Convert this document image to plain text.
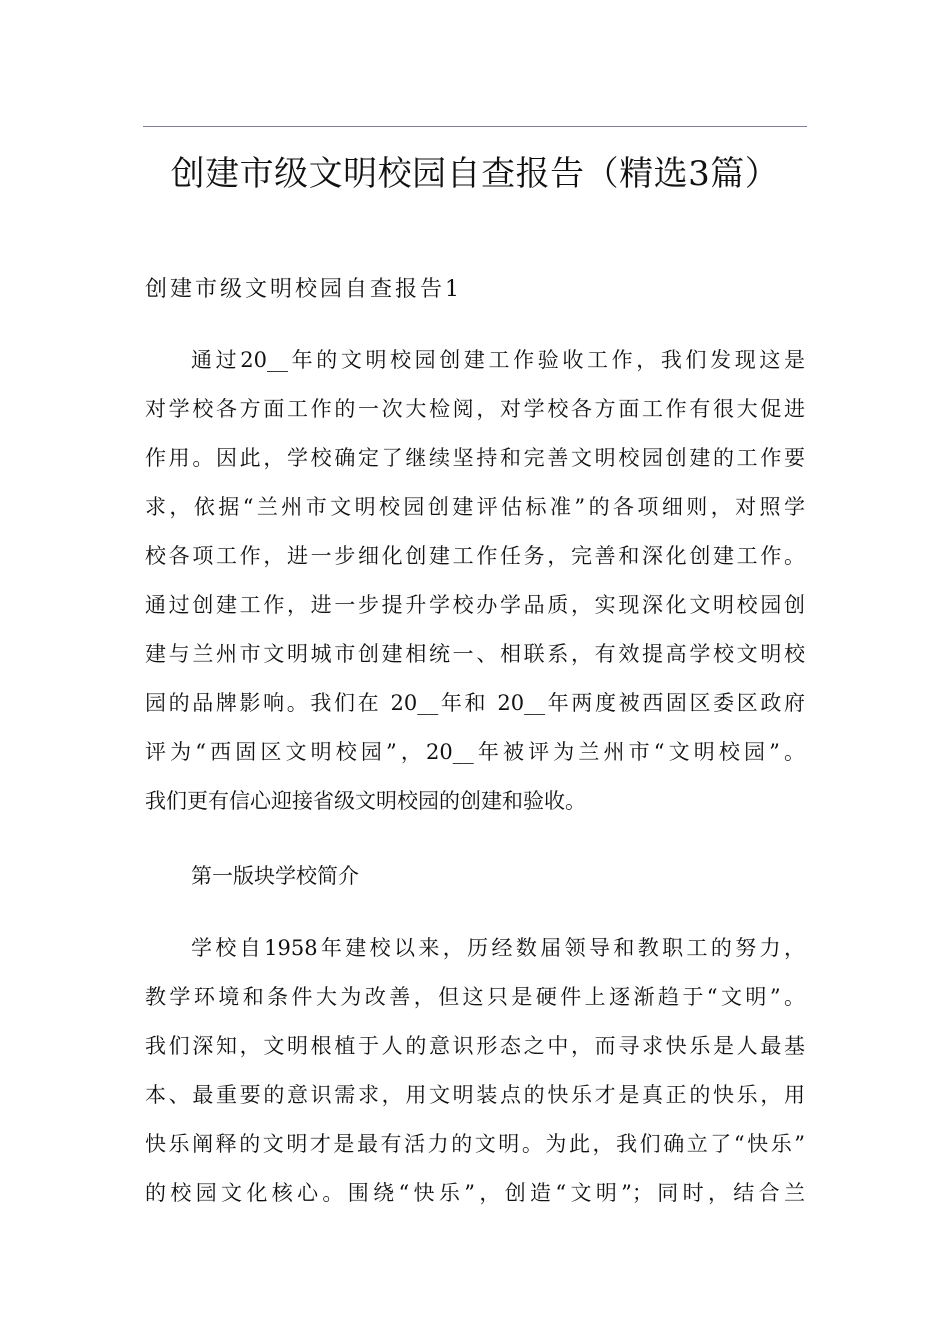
创建市级文明校园自查报告（精选3篇）
创建市级文明校园自查报告1
通过20__年的文明校园创建工作验收工作，我们发现这是
对学校各方面工作的一次大检阅，对学校各方面工作有很大促进
作用。因此，学校确定了继续坚持和完善文明校园创建的工作要
求，依据“兰州市文明校园创建评估标准”的各项细则，对照学
校各项工作，进一步细化创建工作任务，完善和深化创建工作。
通过创建工作，进一步提升学校办学品质，实现深化文明校园创
建与兰州市文明城市创建相统一、相联系，有效提高学校文明校
园的品牌影响。我们在 20__年和 20__年两度被西固区委区政府
评为“西固区文明校园”，20__年被评为兰州市“文明校园”。
我们更有信心迎接省级文明校园的创建和验收。
第一版块学校简介
学校自1958年建校以来，历经数届领导和教职工的努力，
教学环境和条件大为改善，但这只是硬件上逐渐趋于“文明”。
我们深知，文明根植于人的意识形态之中，而寻求快乐是人最基
本、最重要的意识需求，用文明装点的快乐才是真正的快乐，用
快乐阐释的文明才是最有活力的文明。为此，我们确立了“快乐”
的校园文化核心。围绕“快乐”，创造“文明”；同时，结合兰
